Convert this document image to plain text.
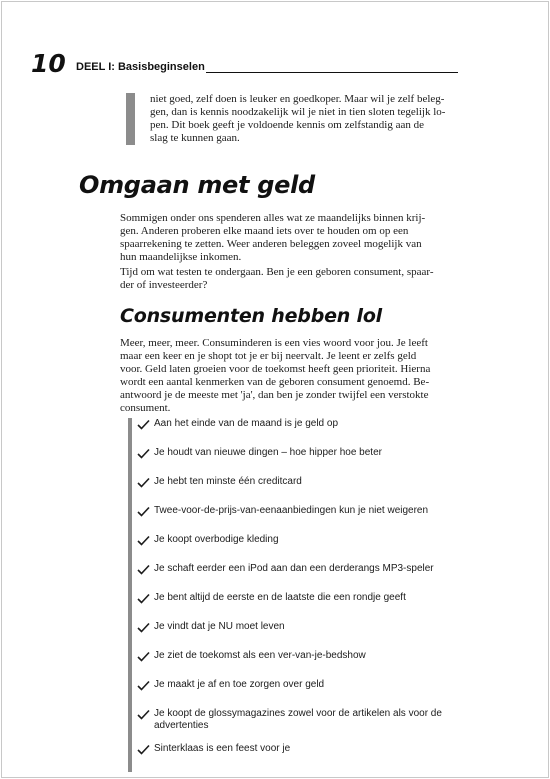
10 DEEL I: Basisbeginselen
niet goed, zelf doen is leuker en goedkoper. Maar wil je zelf beleg-
gen, dan is kennis noodzakelijk wil je niet in tien sloten tegelijk lo-
pen. Dit boek geeft je voldoende kennis om zelfstandig aan de
slag te kunnen gaan.
Omgaan met geld
Sommigen onder ons spenderen alles wat ze maandelijks binnen krij-
gen. Anderen proberen elke maand iets over te houden om op een
spaarrekening te zetten. Weer anderen beleggen zoveel mogelijk van
hun maandelijkse inkomen.
Tijd om wat testen te ondergaan. Ben je een geboren consument, spaar-
der of investeerder?
Consumenten hebben lol
Meer, meer, meer. Consuminderen is een vies woord voor jou. Je leeft
maar een keer en je shopt tot je er bij neervalt. Je leent er zelfs geld
voor. Geld laten groeien voor de toekomst heeft geen prioriteit. Hierna
wordt een aantal kenmerken van de geboren consument genoemd. Be-
antwoord je de meeste met 'ja', dan ben je zonder twijfel een verstokte
consument.
Aan het einde van de maand is je geld op
Je houdt van nieuwe dingen – hoe hipper hoe beter
Je hebt ten minste één creditcard
Twee-voor-de-prijs-van-eenaanbiedingen kun je niet weigeren
Je koopt overbodige kleding
Je schaft eerder een iPod aan dan een derderangs MP3-speler
Je bent altijd de eerste en de laatste die een rondje geeft
Je vindt dat je NU moet leven
Je ziet de toekomst als een ver-van-je-bedshow
Je maakt je af en toe zorgen over geld
Je koopt de glossymagazines zowel voor de artikelen als voor de advertenties
Sinterklaas is een feest voor je
